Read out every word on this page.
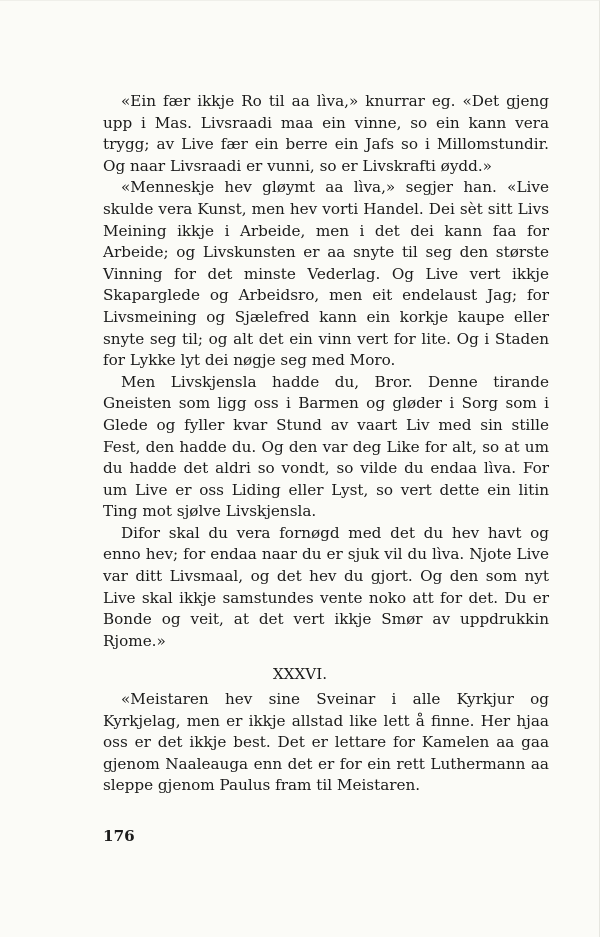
«Ein fær ikkje Ro til aa lìva,» knurrar eg. «Det gjeng upp i Mas. Livsraadi maa ein vinne, so ein kann vera trygg; av Live fær ein berre ein Jafs so i Millomstundir. Og naar Livsraadi er vunni, so er Livskrafti øydd.»

«Menneskje hev gløymt aa lìva,» segjer han. «Live skulde vera Kunst, men hev vorti Handel. Dei sèt sitt Livs Meining ikkje i Arbeide, men i det dei kann faa for Arbeide; og Livskunsten er aa snyte til seg den største Vinning for det minste Vederlag. Og Live vert ikkje Skaparglede og Arbeidsro, men eit endelaust Jag; for Livsmeining og Sjælefred kann ein korkje kaupe eller snyte seg til; og alt det ein vinn vert for lite. Og i Staden for Lykke lyt dei nøgje seg med Moro.

Men Livskjensla hadde du, Bror. Denne tirande Gneisten som ligg oss i Barmen og gløder i Sorg som i Glede og fyller kvar Stund av vaart Liv med sin stille Fest, den hadde du. Og den var deg Like for alt, so at um du hadde det aldri so vondt, so vilde du endaa lìva. For um Live er oss Liding eller Lyst, so vert dette ein litin Ting mot sjølve Livskjensla.

Difor skal du vera fornøgd med det du hev havt og enno hev; for endaa naar du er sjuk vil du lìva. Njote Live var ditt Livsmaal, og det hev du gjort. Og den som nyt Live skal ikkje samstundes vente noko att for det. Du er Bonde og veit, at det vert ikkje Smør av uppdrukkin Rjome.»

XXXVI.

«Meistaren hev sine Sveinar i alle Kyrkjur og Kyrkjelag, men er ikkje allstad like lett å finne. Her hjaa oss er det ikkje best. Det er lettare for Kamelen aa gaa gjenom Naaleauga enn det er for ein rett Luthermann aa sleppe gjenom Paulus fram til Meistaren.

176
